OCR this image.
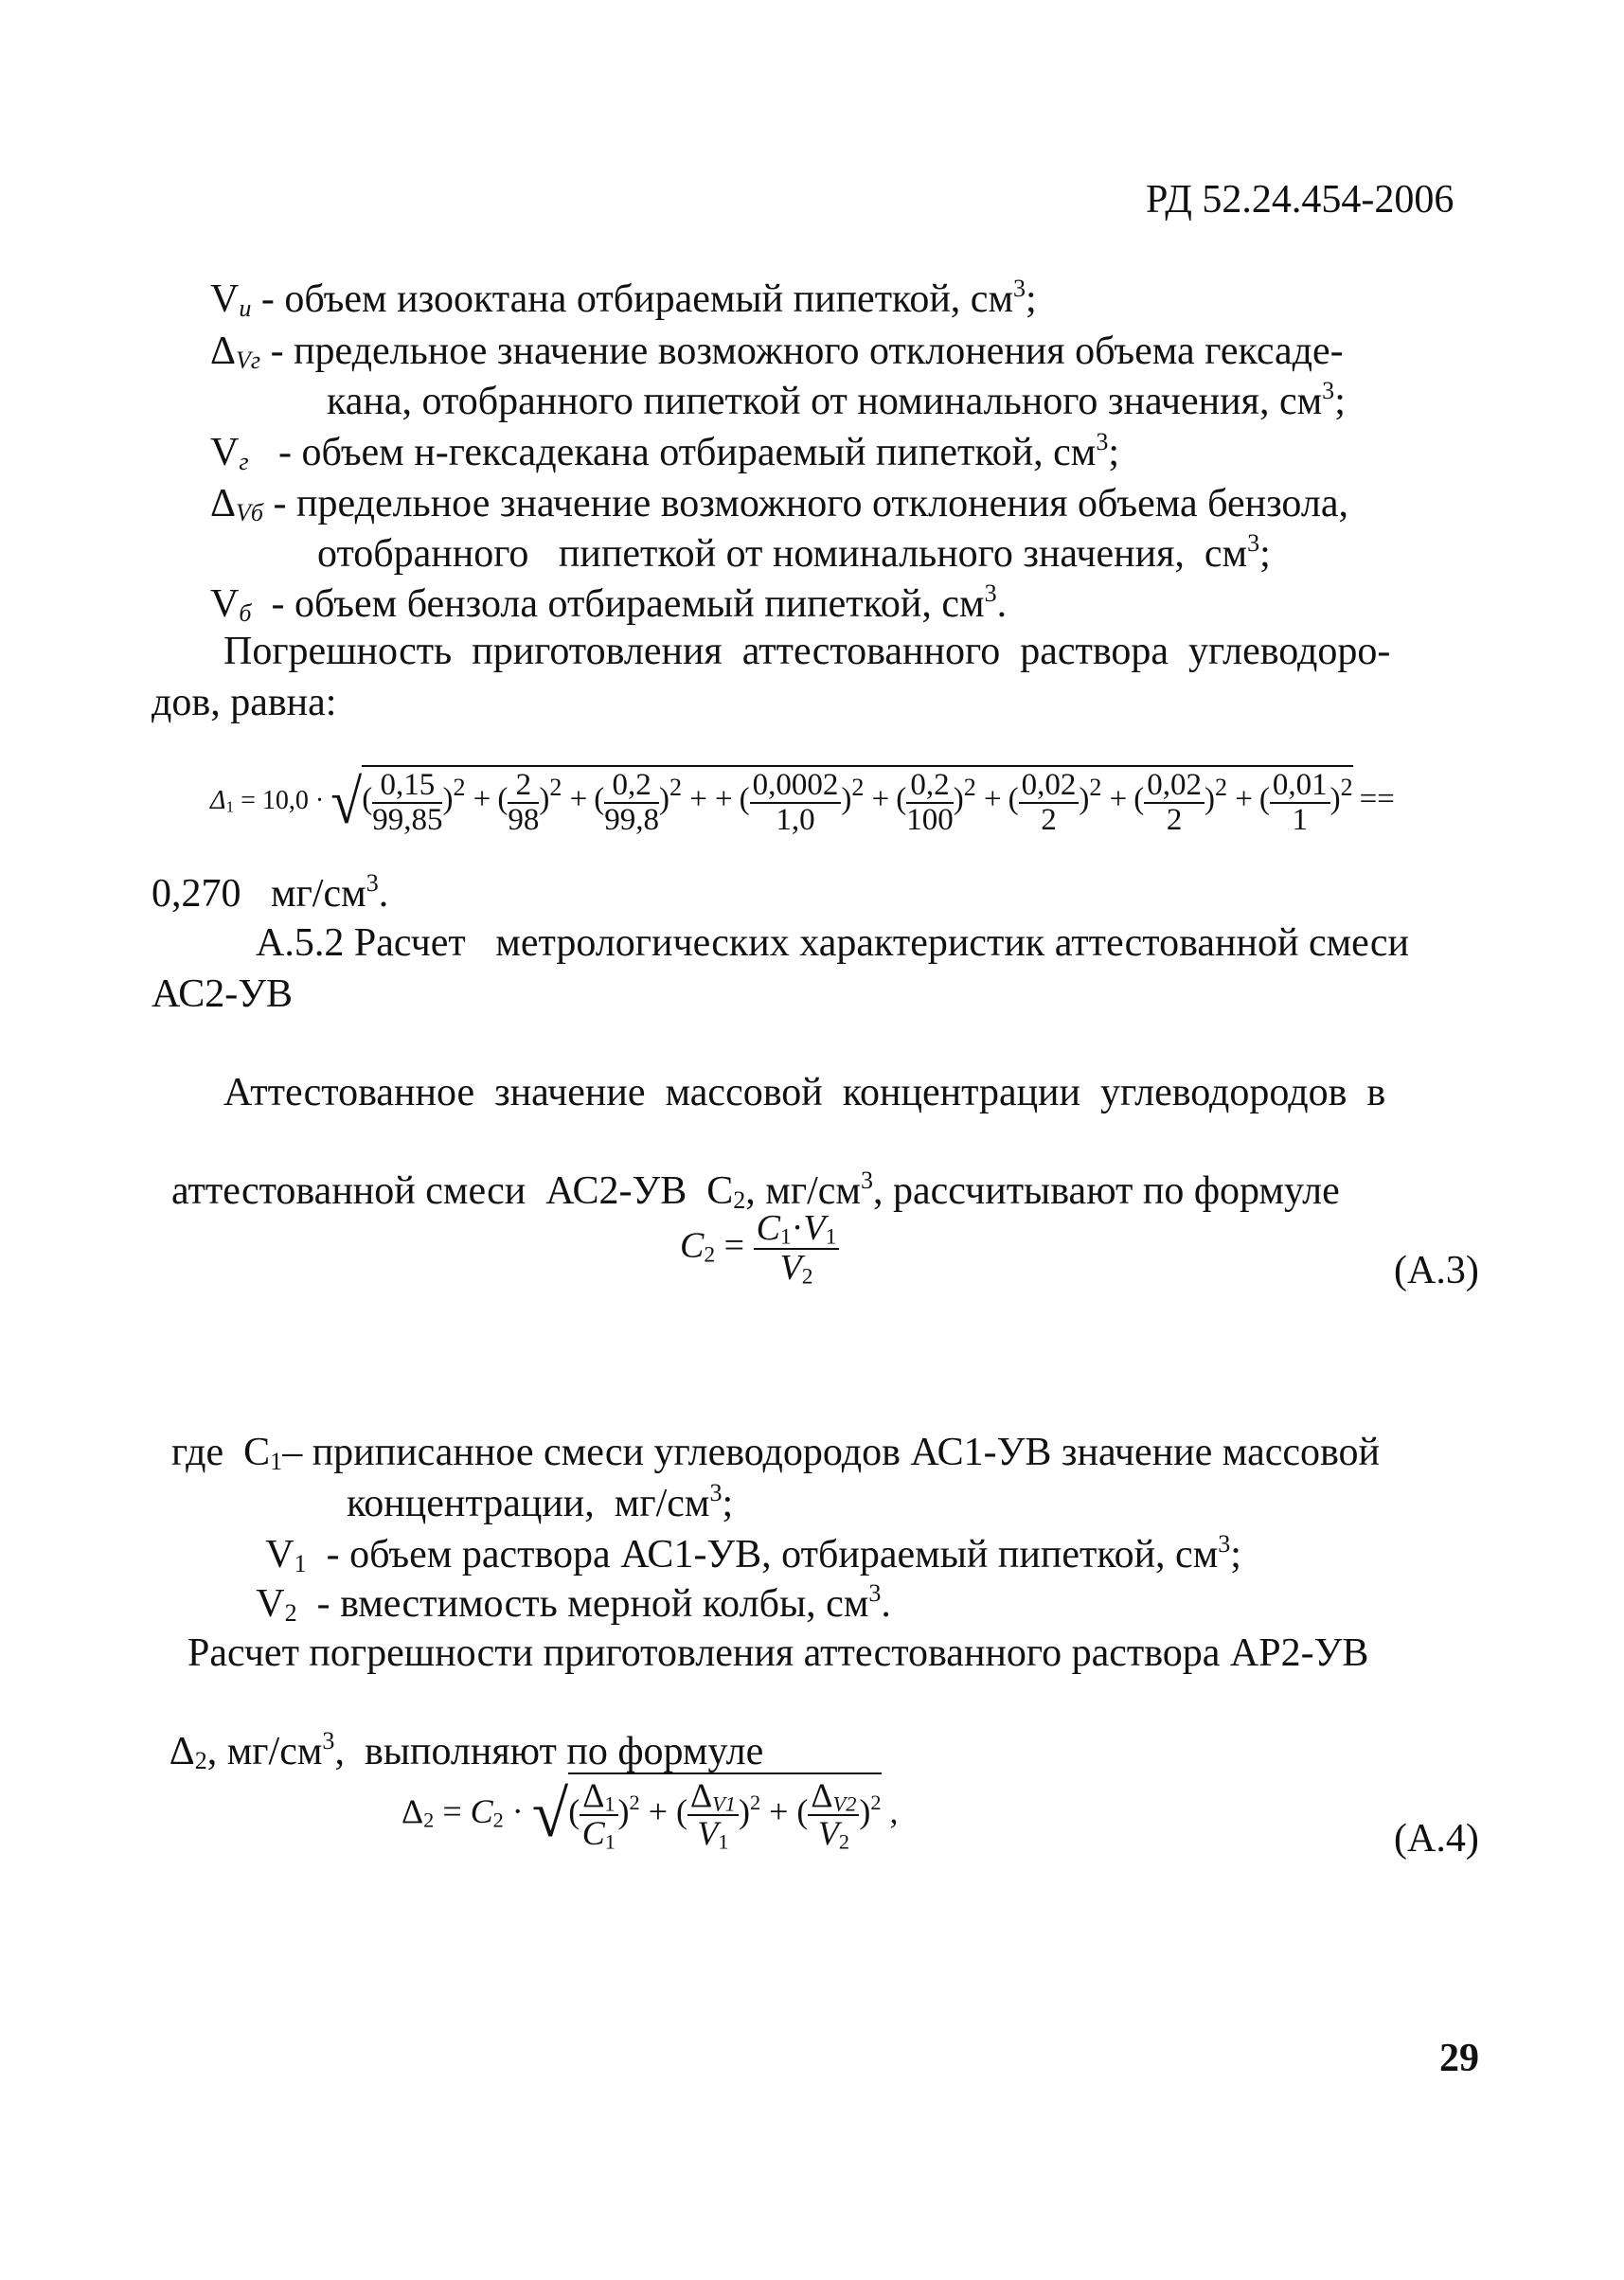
РД 52.24.454-2006
$V_и$ - объем изооктана отбираемый пипеткой, $см^3$;
$\Delta_{Vг}$ - предельное значение возможного отклонения объема гексаде-
кана, отобранного пипеткой от номинального значения, $см^3$;
$V_г$   - объем н-гексадекана отбираемый пипеткой, $см^3$;
$\Delta_{Vб}$ - предельное значение возможного отклонения объема бензола,
отобранного   пипеткой от номинального значения,  $см^3$;
$V_б$  - объем бензола отбираемый пипеткой, $см^3$.
Погрешность  приготовления  аттестованного  раствора  углеводоро-
дов, равна:
$\Delta_1 = 10,0$ · √( $\frac{0,15}{99,85} )^2$ + ( $\frac{2}{98} )^2$ + ( $\frac{0,2}{99,8} )^2$ + + ( $\frac{0,0002}{1,0} )^2$ + ( $\frac{0,2}{100} )^2$ + ( $\frac{0,02}{2} )^2$ + ( $\frac{0,02}{2} )^2$ + ( $\frac{0,01}{1} )^2$ ==
0,270 $мг/см^3$.
А.5.2 Расчет   метрологических характеристик аттестованной смеси
АС2-УВ
Аттестованное  значение  массовой  концентрации  углеводородов  в

аттестованной смеси  АС2-УВ  $С_2$, $мг/см^3$, рассчитывают по формуле

$C_2 = \frac{C_1\cdot V_1}{V_2}$	(А.3)

где  $С_1-$ приписанное смеси углеводородов АС1-УВ значение массовой

концентрации,  $мг/см^3$;

$V_1$  - объем раствора АС1-УВ, отбираемый пипеткой, $см^3$;

$V_2$  - вместимость мерной колбы, $см^3$.

Расчет погрешности приготовления аттестованного раствора АР2-УВ

$\Delta_2$, $мг/см^3$,  выполняют по формуле

$\Delta_2 = C_2$ · √( $\frac{\Delta_1}{C_1} )^2$ + ( $\frac{\Delta_{V1}}{V_1} )^2$ + ( $\frac{\Delta_{V2}}{V_2} )^2$ ,
(А.4)
29
